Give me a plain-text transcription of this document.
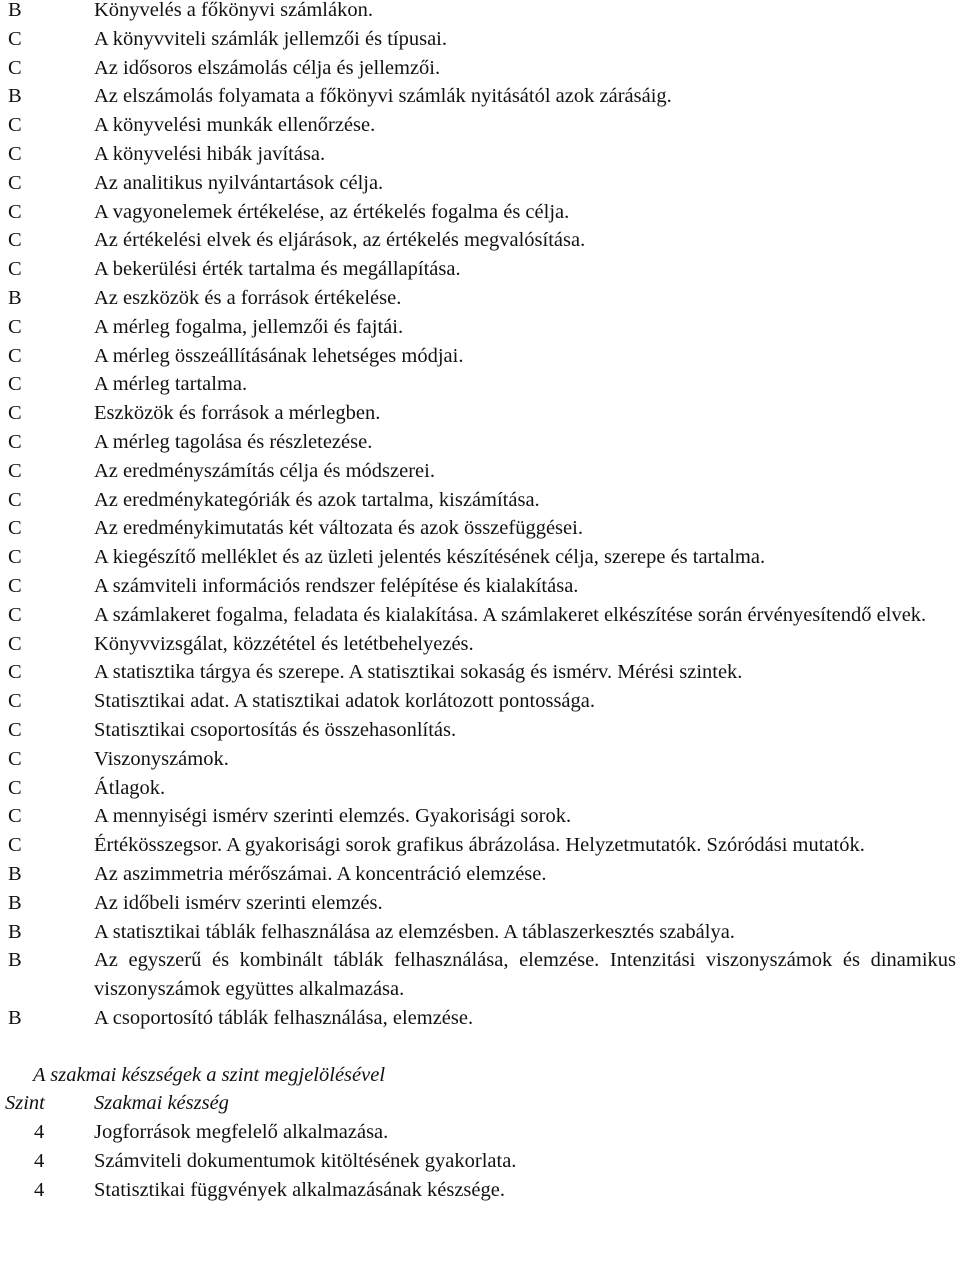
B	Könyvelés a főkönyvi számlákon.
C	A könyvviteli számlák jellemzői és típusai.
C	Az idősoros elszámolás célja és jellemzői.
B	Az elszámolás folyamata a főkönyvi számlák nyitásától azok zárásáig.
C	A könyvelési munkák ellenőrzése.
C	A könyvelési hibák javítása.
C	Az analitikus nyilvántartások célja.
C	A vagyonelemek értékelése, az értékelés fogalma és célja.
C	Az értékelési elvek és eljárások, az értékelés megvalósítása.
C	A bekerülési érték tartalma és megállapítása.
B	Az eszközök és a források értékelése.
C	A mérleg fogalma, jellemzői és fajtái.
C	A mérleg összeállításának lehetséges módjai.
C	A mérleg tartalma.
C	Eszközök és források a mérlegben.
C	A mérleg tagolása és részletezése.
C	Az eredményszámítás célja és módszerei.
C	Az eredménykategóriák és azok tartalma, kiszámítása.
C	Az eredménykimutatás két változata és azok összefüggései.
C	A kiegészítő melléklet és az üzleti jelentés készítésének célja, szerepe és tartalma.
C	A számviteli információs rendszer felépítése és kialakítása.
C	A számlakeret fogalma, feladata és kialakítása. A számlakeret elkészítése során érvényesítendő elvek.
C	Könyvvizsgálat, közzététel és letétbehelyezés.
C	A statisztika tárgya és szerepe. A statisztikai sokaság és ismérv. Mérési szintek.
C	Statisztikai adat. A statisztikai adatok korlátozott pontossága.
C	Statisztikai csoportosítás és összehasonlítás.
C	Viszonyszámok.
C	Átlagok.
C	A mennyiségi ismérv szerinti elemzés. Gyakorisági sorok.
C	Értékösszegsor. A gyakorisági sorok grafikus ábrázolása. Helyzetmutatók. Szóródási mutatók.
B	Az aszimmetria mérőszámai. A koncentráció elemzése.
B	Az időbeli ismérv szerinti elemzés.
B	A statisztikai táblák felhasználása az elemzésben. A táblaszerkesztés szabálya.
B	Az egyszerű és kombinált táblák felhasználása, elemzése. Intenzitási viszonyszámok és dinamikus viszonyszámok együttes alkalmazása.
B	A csoportosító táblák felhasználása, elemzése.
A szakmai készségek a szint megjelölésével
Szint	Szakmai készség
4	Jogforrások megfelelő alkalmazása.
4	Számviteli dokumentumok kitöltésének gyakorlata.
4	Statisztikai függvények alkalmazásának készsége.
